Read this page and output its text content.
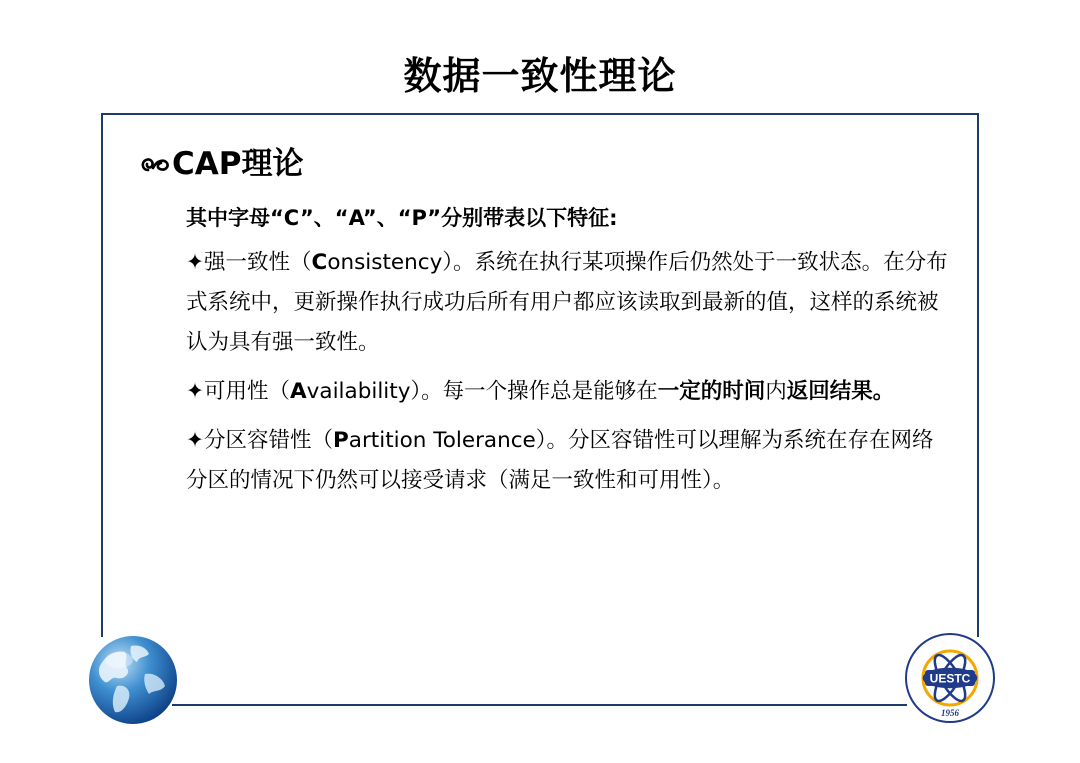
数据一致性理论
CAP理论
其中字母“C”、“A”、“P”分别带表以下特征:

✦强一致性（Consistency）。系统在执行某项操作后仍然处于一致状态。在分布式系统中，更新操作执行成功后所有用户都应该读取到最新的值，这样的系统被认为具有强一致性。

✦可用性（Availability）。每一个操作总是能够在一定的时间内返回结果。

✦分区容错性（Partition Tolerance）。分区容错性可以理解为系统在存在网络分区的情况下仍然可以接受请求（满足一致性和可用性）。

UESTC
1956
